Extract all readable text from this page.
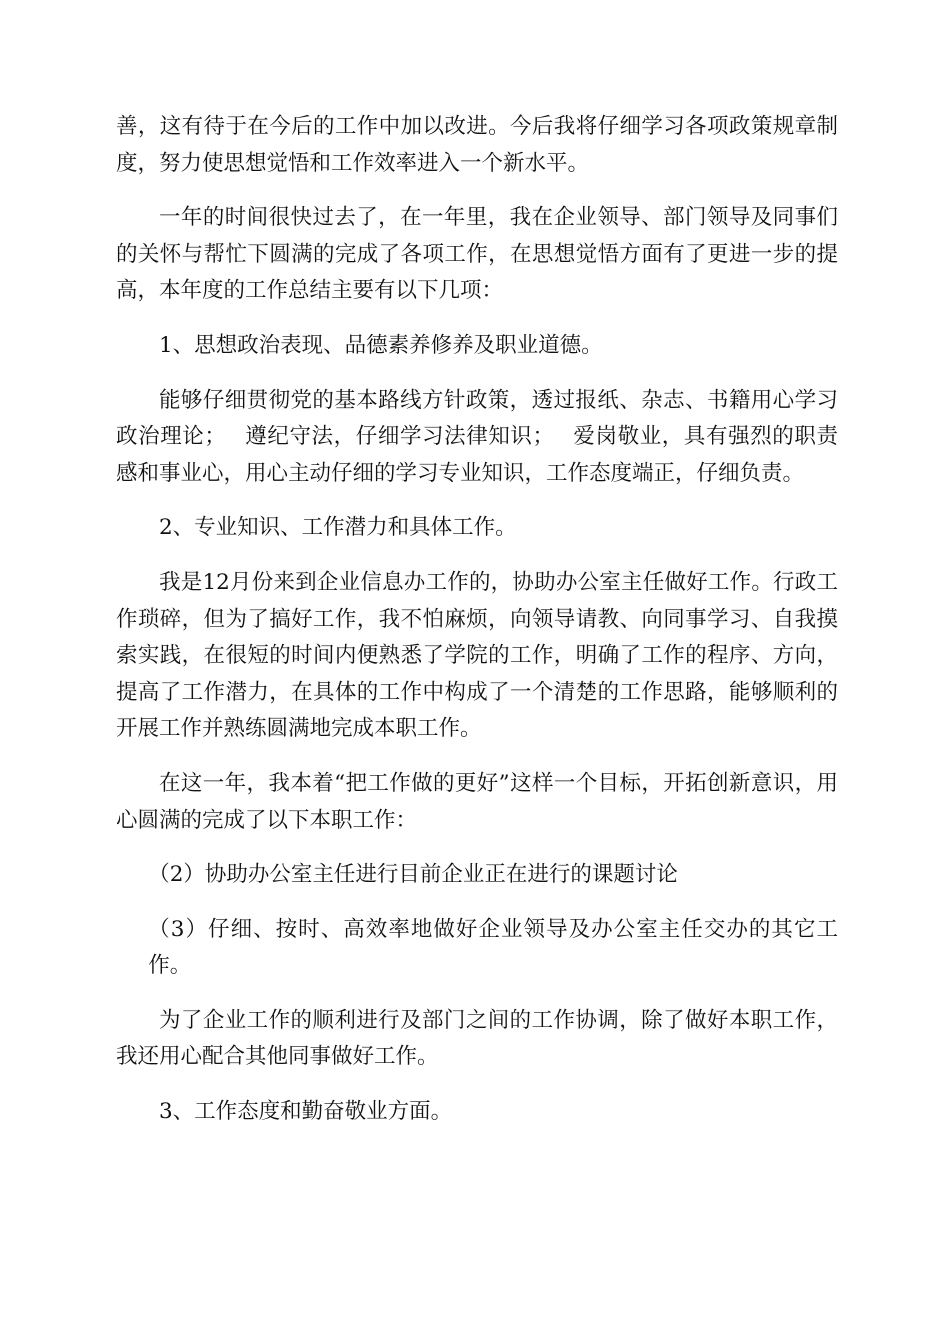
善，这有待于在今后的工作中加以改进。今后我将仔细学习各项政策规章制度，努力使思想觉悟和工作效率进入一个新水平。

一年的时间很快过去了，在一年里，我在企业领导、部门领导及同事们的关怀与帮忙下圆满的完成了各项工作，在思想觉悟方面有了更进一步的提高，本年度的工作总结主要有以下几项：

1、思想政治表现、品德素养修养及职业道德。

能够仔细贯彻党的基本路线方针政策，透过报纸、杂志、书籍用心学习政治理论；　 遵纪守法，仔细学习法律知识；　 爱岗敬业，具有强烈的职责感和事业心，用心主动仔细的学习专业知识，工作态度端正，仔细负责。

2、专业知识、工作潜力和具体工作。

我是12月份来到企业信息办工作的，协助办公室主任做好工作。行政工作琐碎，但为了搞好工作，我不怕麻烦，向领导请教、向同事学习、自我摸索实践，在很短的时间内便熟悉了学院的工作，明确了工作的程序、方向，提高了工作潜力，在具体的工作中构成了一个清楚的工作思路，能够顺利的开展工作并熟练圆满地完成本职工作。

在这一年，我本着“把工作做的更好”这样一个目标，开拓创新意识，用心圆满的完成了以下本职工作：

（2）协助办公室主任进行目前企业正在进行的课题讨论

（3）仔细、按时、高效率地做好企业领导及办公室主任交办的其它工作。

为了企业工作的顺利进行及部门之间的工作协调，除了做好本职工作，我还用心配合其他同事做好工作。

3、工作态度和勤奋敬业方面。
